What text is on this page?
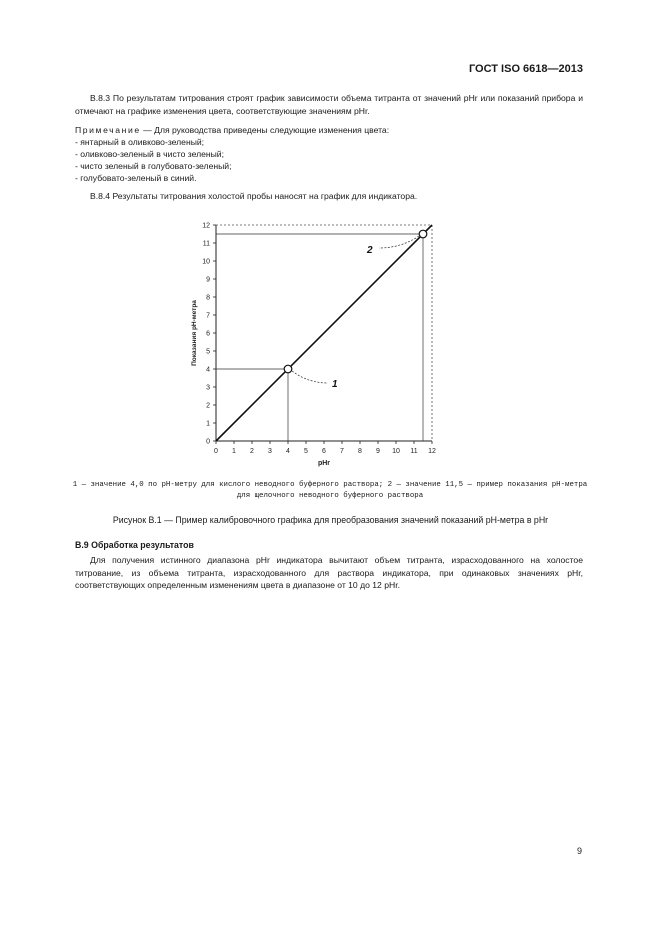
ГОСТ ISO 6618—2013
В.8.3 По результатам титрования строят график зависимости объема титранта от значений pHr или показаний прибора и отмечают на графике изменения цвета, соответствующие значениям pHr.
Примечание — Для руководства приведены следующие изменения цвета:
- янтарный в оливково-зеленый;
- оливково-зеленый в чисто зеленый;
- чисто зеленый в голубовато-зеленый;
- голубовато-зеленый в синий.
В.8.4 Результаты титрования холостой пробы наносят на график для индикатора.
0 1 2 3 4 5 6 7 8 9 10 11 12
0
1
2
3
4
5
6
7
8
9
10
11
12
pHr
Показания pH-метра
1
2
1 — значение 4,0 по pH-метру для кислого неводного буферного раствора; 2 — значение 11,5 — пример показания pH-метра
для щелочного неводного буферного раствора
Рисунок В.1 — Пример калибровочного графика для преобразования значений показаний pH-метра в pHr
В.9 Обработка результатов
Для получения истинного диапазона pHr индикатора вычитают объем титранта, израсходованного на холостое титрование, из объема титранта, израсходованного для раствора индикатора, при одинаковых значениях pHr, соответствующих определенным изменениям цвета в диапазоне от 10 до 12 pHr.
9
